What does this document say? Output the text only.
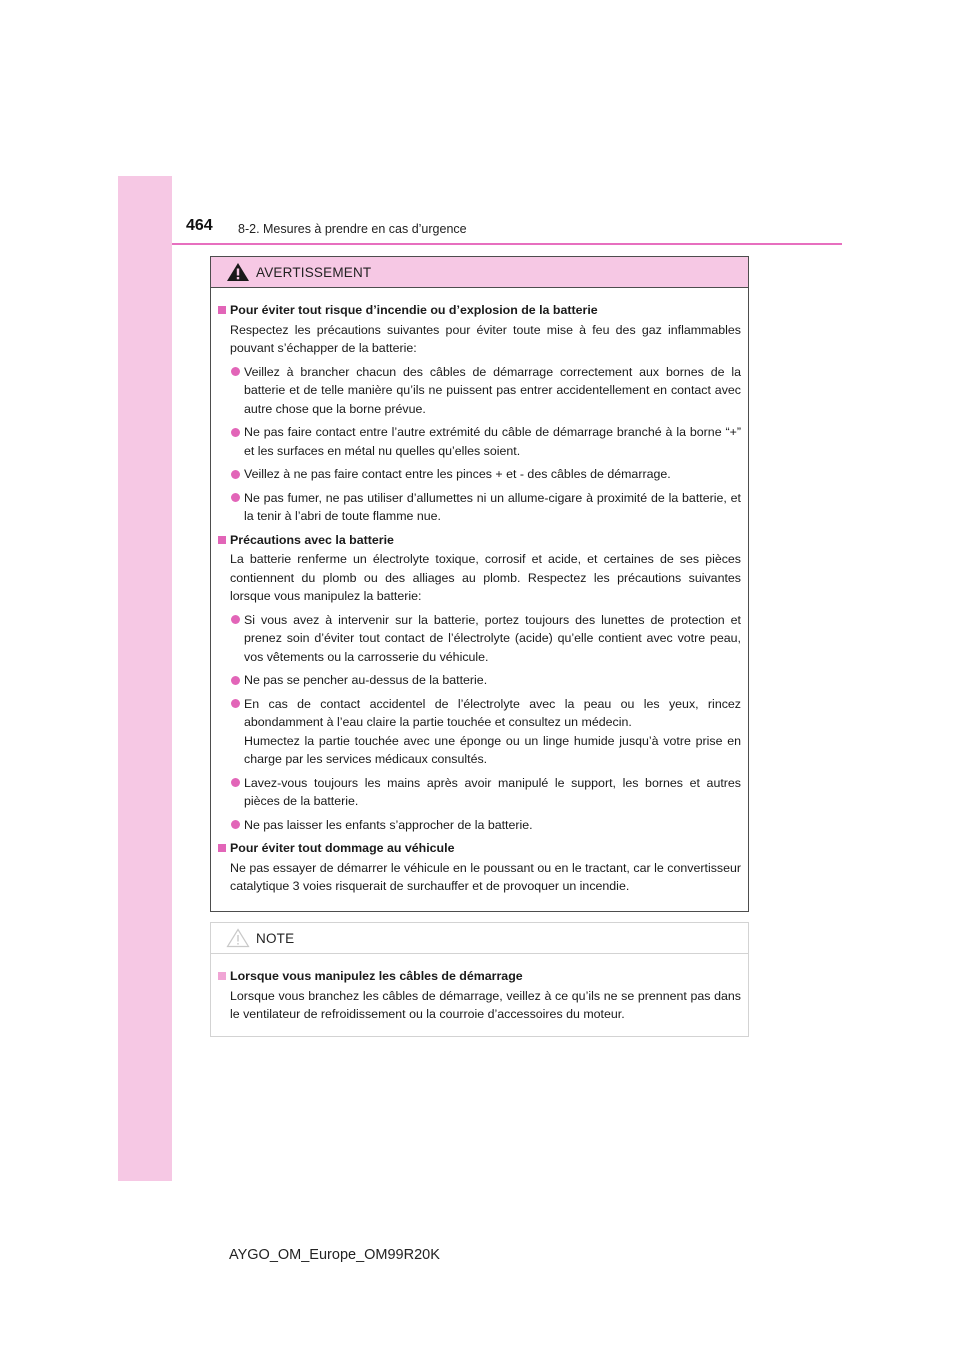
464 8-2. Mesures à prendre en cas d’urgence
AVERTISSEMENT
Pour éviter tout risque d’incendie ou d’explosion de la batterie
Respectez les précautions suivantes pour éviter toute mise à feu des gaz inflammables pouvant s’échapper de la batterie:
Veillez à brancher chacun des câbles de démarrage correctement aux bornes de la batterie et de telle manière qu’ils ne puissent pas entrer accidentellement en contact avec autre chose que la borne prévue.
Ne pas faire contact entre l’autre extrémité du câble de démarrage branché à la borne “+” et les surfaces en métal nu quelles qu’elles soient.
Veillez à ne pas faire contact entre les pinces + et - des câbles de démarrage.
Ne pas fumer, ne pas utiliser d’allumettes ni un allume-cigare à proximité de la batterie, et la tenir à l’abri de toute flamme nue.
Précautions avec la batterie
La batterie renferme un électrolyte toxique, corrosif et acide, et certaines de ses pièces contiennent du plomb ou des alliages au plomb. Respectez les précautions suivantes lorsque vous manipulez la batterie:
Si vous avez à intervenir sur la batterie, portez toujours des lunettes de protection et prenez soin d’éviter tout contact de l’électrolyte (acide) qu’elle contient avec votre peau, vos vêtements ou la carrosserie du véhicule.
Ne pas se pencher au-dessus de la batterie.
En cas de contact accidentel de l’électrolyte avec la peau ou les yeux, rincez abondamment à l’eau claire la partie touchée et consultez un médecin.
Humectez la partie touchée avec une éponge ou un linge humide jusqu’à votre prise en charge par les services médicaux consultés.
Lavez-vous toujours les mains après avoir manipulé le support, les bornes et autres pièces de la batterie.
Ne pas laisser les enfants s’approcher de la batterie.
Pour éviter tout dommage au véhicule
Ne pas essayer de démarrer le véhicule en le poussant ou en le tractant, car le convertisseur catalytique 3 voies risquerait de surchauffer et de provoquer un incendie.
NOTE
Lorsque vous manipulez les câbles de démarrage
Lorsque vous branchez les câbles de démarrage, veillez à ce qu’ils ne se prennent pas dans le ventilateur de refroidissement ou la courroie d’accessoires du moteur.
AYGO_OM_Europe_OM99R20K
